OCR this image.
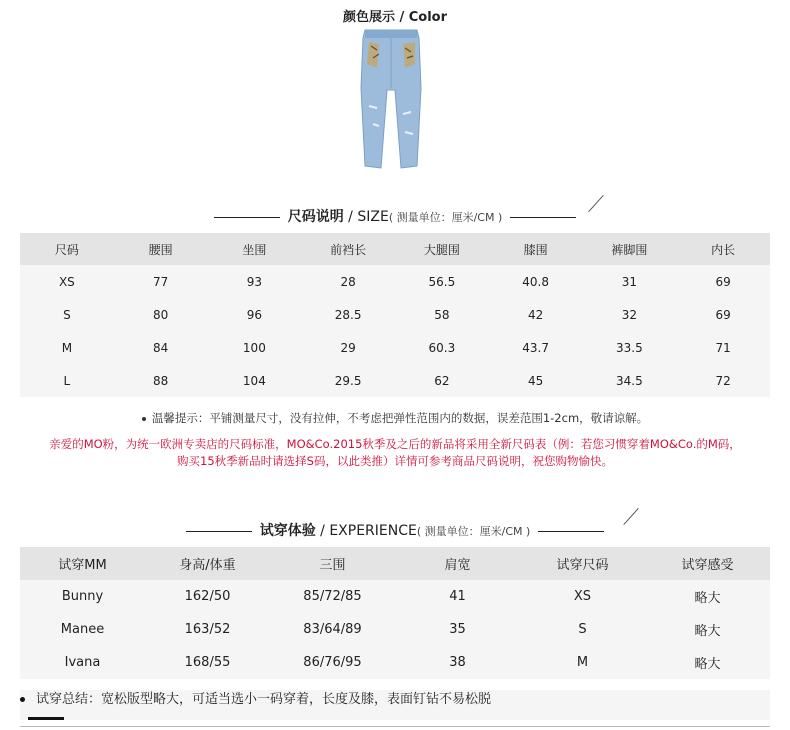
颜色展示 / Color
尺码说明 / SIZE( 测量单位：厘米/CM )
尺码	腰围	坐围	前裆长	大腿围	膝围	裤脚围	内长
XS	77	93	28	56.5	40.8	31	69
S	80	96	28.5	58	42	32	69
M	84	100	29	60.3	43.7	33.5	71
L	88	104	29.5	62	45	34.5	72
温馨提示：平铺测量尺寸，没有拉伸，不考虑把弹性范围内的数据，误差范围1-2cm，敬请谅解。
亲爱的MO粉，为统一欧洲专卖店的尺码标准，MO&Co.2015秋季及之后的新品将采用全新尺码表（例：若您习惯穿着MO&Co.的M码，
购买15秋季新品时请选择S码，以此类推）详情可参考商品尺码说明，祝您购物愉快。
试穿体验 / EXPERIENCE( 测量单位：厘米/CM )
试穿MM	身高/体重	三围	肩宽	试穿尺码	试穿感受
Bunny	162/50	85/72/85	41	XS	略大
Manee	163/52	83/64/89	35	S	略大
Ivana	168/55	86/76/95	38	M	略大
试穿总结：宽松版型略大，可适当选小一码穿着，长度及膝，表面钉钻不易松脱
